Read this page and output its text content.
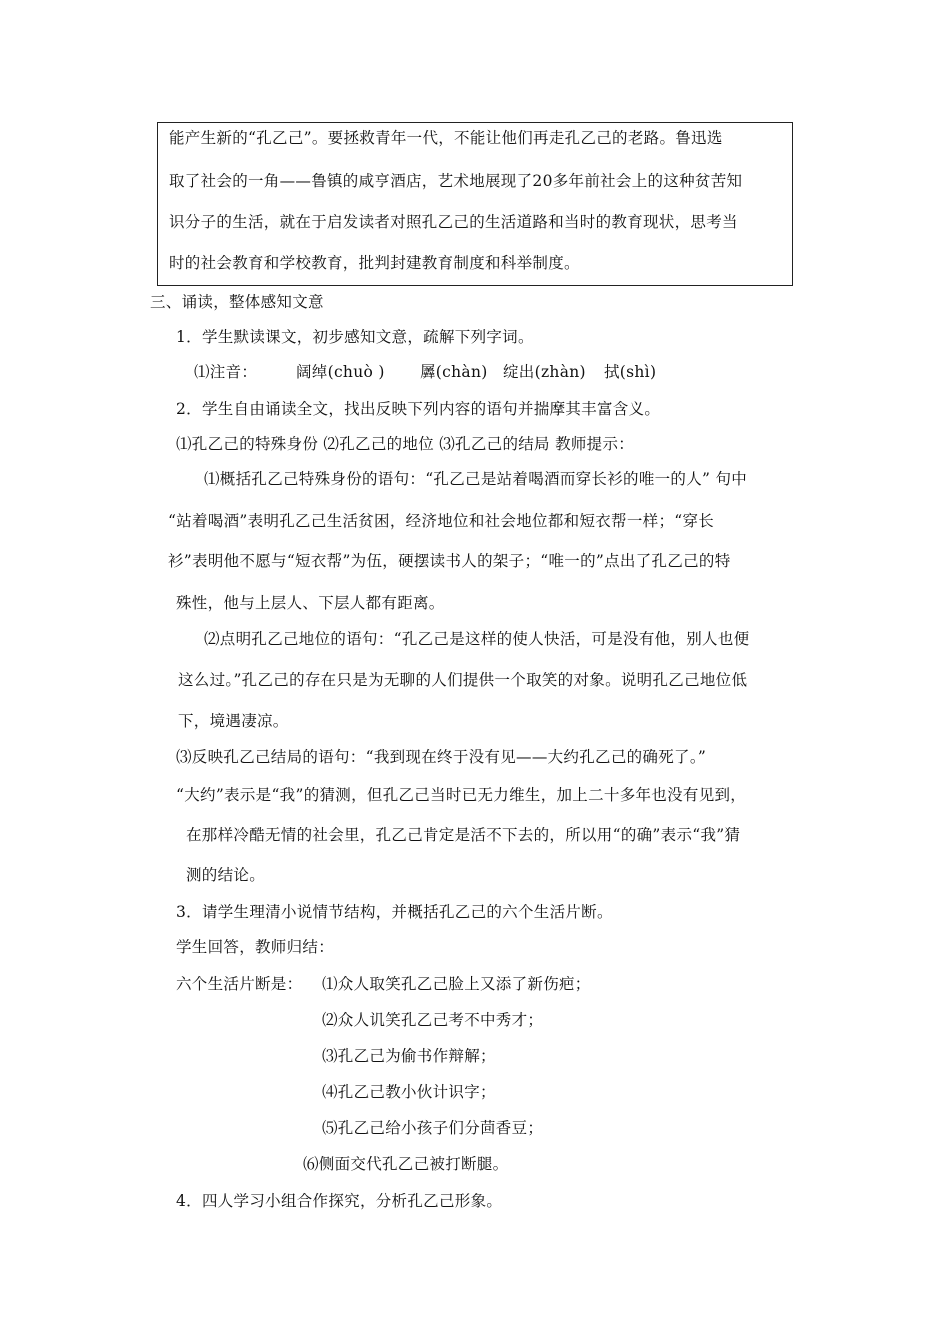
能产生新的“孔乙己”。要拯救青年一代，不能让他们再走孔乙己的老路。鲁迅选
取了社会的一角——鲁镇的咸亨酒店，艺术地展现了20多年前社会上的这种贫苦知
识分子的生活，就在于启发读者对照孔乙己的生活道路和当时的教育现状，思考当
时的社会教育和学校教育，批判封建教育制度和科举制度。
三、诵读，整体感知文意
1．学生默读课文，初步感知文意，疏解下列字词。
⑴注音：	阔绰(chuò ) 羼(chàn) 绽出(zhàn) 拭(shì)
2．学生自由诵读全文，找出反映下列内容的语句并揣摩其丰富含义。
⑴孔乙己的特殊身份 ⑵孔乙己的地位 ⑶孔乙己的结局 教师提示：
⑴概括孔乙己特殊身份的语句：“孔乙己是站着喝酒而穿长衫的唯一的人” 句中
“站着喝酒”表明孔乙己生活贫困，经济地位和社会地位都和短衣帮一样；“穿长
衫”表明他不愿与“短衣帮”为伍，硬摆读书人的架子；“唯一的”点出了孔乙己的特
殊性，他与上层人、下层人都有距离。
⑵点明孔乙己地位的语句：“孔乙己是这样的使人快活，可是没有他，别人也便
这么过。”孔乙己的存在只是为无聊的人们提供一个取笑的对象。说明孔乙己地位低
下，境遇凄凉。
⑶反映孔乙己结局的语句：“我到现在终于没有见——大约孔乙己的确死了。”
“大约”表示是“我”的猜测，但孔乙己当时已无力维生，加上二十多年也没有见到，
在那样冷酷无情的社会里，孔乙己肯定是活不下去的，所以用“的确”表示“我”猜
测的结论。
3．请学生理清小说情节结构，并概括孔乙己的六个生活片断。
学生回答，教师归结：
六个生活片断是： ⑴众人取笑孔乙己脸上又添了新伤疤；
⑵众人讥笑孔乙己考不中秀才；
⑶孔乙己为偷书作辩解；
⑷孔乙己教小伙计识字；
⑸孔乙己给小孩子们分茴香豆；
⑹侧面交代孔乙己被打断腿。
4．四人学习小组合作探究，分析孔乙己形象。
